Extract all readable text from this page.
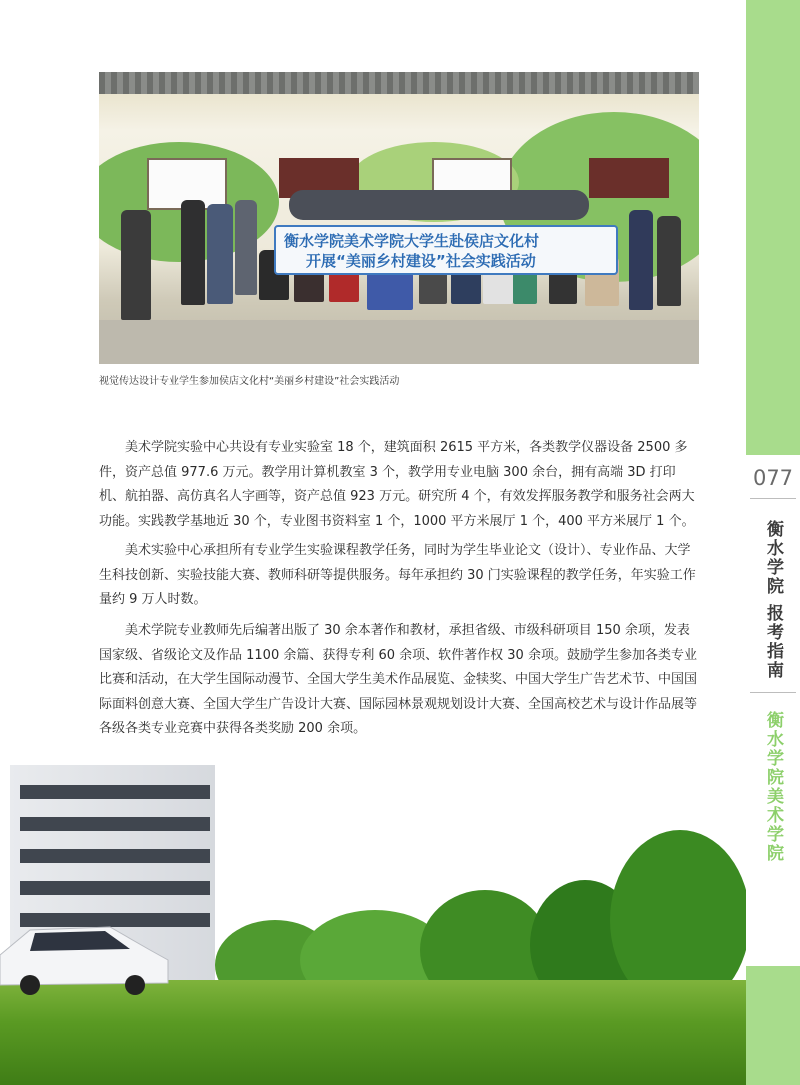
衡水学院美术学院大学生赴侯店文化村
开展“美丽乡村建设”社会实践活动
视觉传达设计专业学生参加侯店文化村“美丽乡村建设”社会实践活动

美术学院实验中心共设有专业实验室 18 个，建筑面积 2615 平方米，各类教学仪器设备 2500 多件，资产总值 977.6 万元。教学用计算机教室 3 个，教学用专业电脑 300 余台，拥有高端 3D 打印机、航拍器、高仿真名人字画等，资产总值 923 万元。研究所 4 个，有效发挥服务教学和服务社会两大功能。实践教学基地近 30 个，专业图书资料室 1 个，1000 平方米展厅 1 个，400 平方米展厅 1 个。

美术实验中心承担所有专业学生实验课程教学任务，同时为学生毕业论文（设计）、专业作品、大学生科技创新、实验技能大赛、教师科研等提供服务。每年承担约 30 门实验课程的教学任务，年实验工作量约 9 万人时数。

美术学院专业教师先后编著出版了 30 余本著作和教材，承担省级、市级科研项目 150 余项，发表国家级、省级论文及作品 1100 余篇、获得专利 60 余项、软件著作权 30 余项。鼓励学生参加各类专业比赛和活动，在大学生国际动漫节、全国大学生美术作品展览、金犊奖、中国大学生广告艺术节、中国国际面料创意大赛、全国大学生广告设计大赛、国际园林景观规划设计大赛、全国高校艺术与设计作品展等各级各类专业竞赛中获得各类奖励 200 余项。

077
衡水学院 报考指南
衡水学院美术学院
